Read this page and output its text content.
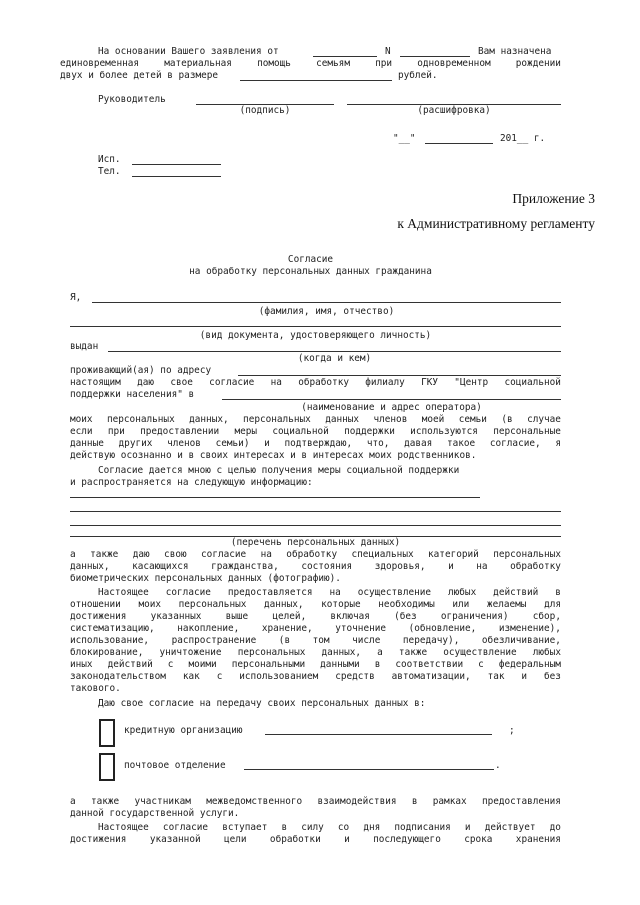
На основании Вашего заявления от	N	Вам назначена
единовременная	материальная	помощь	семьям	при	одновременном	рождении
двух и более детей в размере	рублей.
Руководитель
(подпись)	(расшифровка)
"__"	201__ г.
Исп.
Тел.
Приложение 3
к Административному регламенту
Согласие
на обработку персональных данных гражданина
Я,
(фамилия, имя, отчество)
(вид документа, удостоверяющего личность)
выдан
(когда и кем)
проживающий(ая) по адресу
настоящим даю свое согласие на обработку филиалу ГКУ "Центр социальной
поддержки населения" в
(наименование и адрес оператора)
моих персональных данных, персональных данных членов моей семьи (в случае
если при предоставлении меры социальной поддержки используются персональные
данные других членов семьи) и подтверждаю, что, давая такое согласие, я
действую осознанно и в своих интересах и в интересах моих родственников.
Согласие дается мною с целью получения меры социальной поддержки
и распространяется на следующую информацию:
(перечень персональных данных)
а также даю свою согласие на обработку специальных категорий персональных
данных, касающихся гражданства, состояния здоровья, и на обработку
биометрических персональных данных (фотографию).
Настоящее согласие предоставляется на осуществление любых действий в
отношении моих персональных данных, которые необходимы или желаемы для
достижения	указанных	выше	целей,	включая	(без	ограничения)	сбор,
систематизацию, накопление, хранение, уточнение (обновление, изменение),
использование, распространение (в том числе передачу), обезличивание,
блокирование, уничтожение персональных данных, а также осуществление любых
иных действий с моими персональными данными в соответствии с федеральным
законодательством как с использованием средств автоматизации, так и без
такового.
Даю свое согласие на передачу своих персональных данных в:
кредитную организацию	;
почтовое отделение	.
а также участникам межведомственного взаимодействия в рамках предоставления
данной государственной услуги.
Настоящее согласие вступает в силу со дня подписания и действует до
достижения указанной цели обработки и последующего срока хранения
